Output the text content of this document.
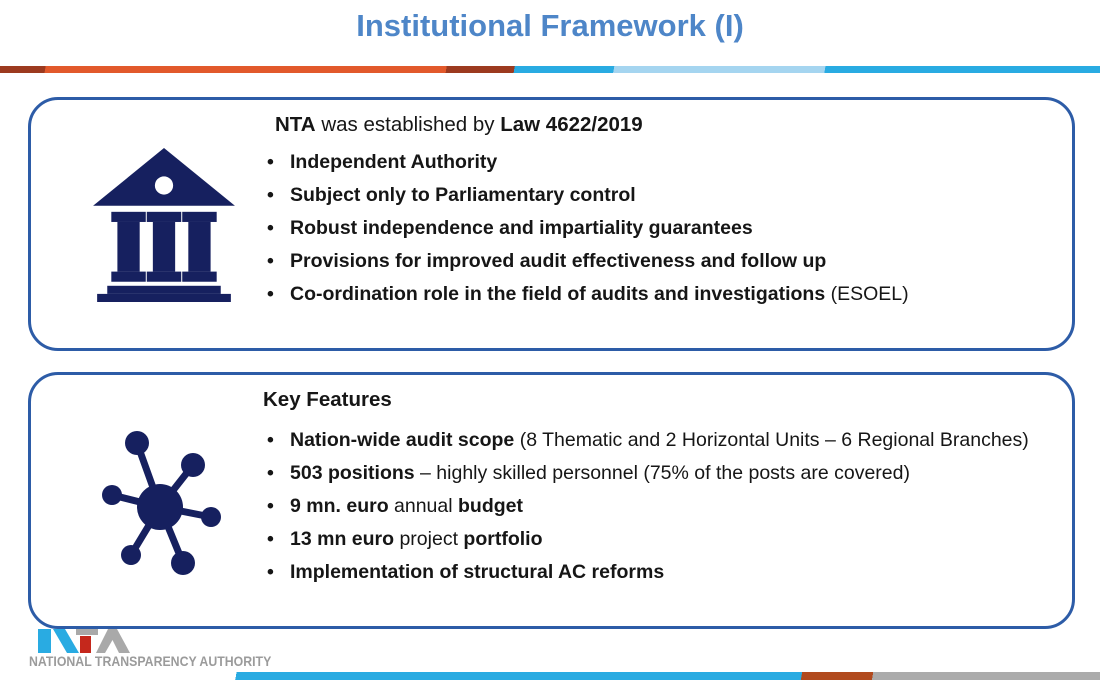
Institutional Framework (I)

NTA was established by Law 4622/2019

• Independent Authority
• Subject only to Parliamentary control
• Robust independence and impartiality guarantees
• Provisions for improved audit effectiveness and follow up
• Co-ordination role in the field of audits and investigations (ESOEL)

Key Features

• Nation-wide audit scope (8 Thematic and 2 Horizontal Units – 6 Regional Branches)
• 503 positions – highly skilled personnel (75% of the posts are covered)
• 9 mn. euro annual budget
• 13 mn euro project portfolio
• Implementation of structural AC reforms
NATIONAL TRANSPARENCY AUTHORITY
